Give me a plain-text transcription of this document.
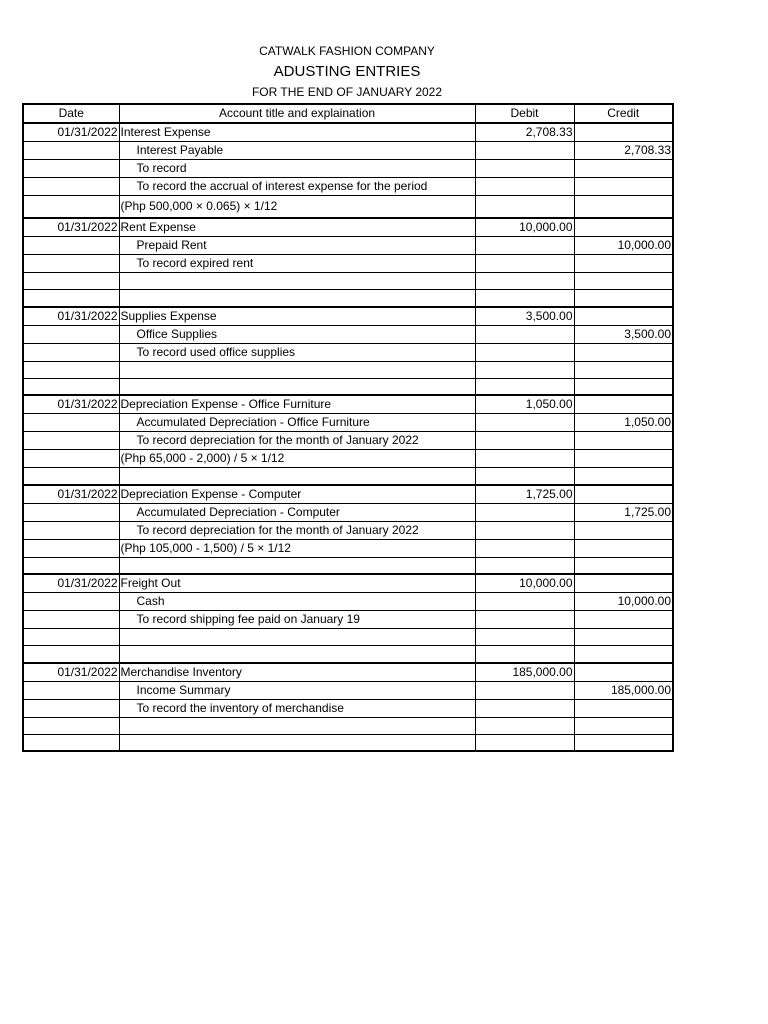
CATWALK FASHION COMPANY
ADUSTING ENTRIES
FOR THE END OF JANUARY 2022
Date	Account title and explaination	Debit	Credit
01/31/2022	Interest Expense	2,708.33	
	Interest Payable		2,708.33
	To record		
	To record the accrual of interest expense for the period		
	(Php 500,000 × 0.065) × 1/12		
01/31/2022	Rent Expense	10,000.00	
	Prepaid Rent		10,000.00
	To record expired rent		

01/31/2022	Supplies Expense	3,500.00	
	Office Supplies		3,500.00
	To record used office supplies		

01/31/2022	Depreciation Expense - Office Furniture	1,050.00	
	Accumulated Depreciation - Office Furniture		1,050.00
	To record depreciation for the month of January 2022		
	(Php 65,000 - 2,000) / 5 × 1/12		

01/31/2022	Depreciation Expense - Computer	1,725.00	
	Accumulated Depreciation - Computer		1,725.00
	To record depreciation for the month of January 2022		
	(Php 105,000 - 1,500) / 5 × 1/12		

01/31/2022	Freight Out	10,000.00	
	Cash		10,000.00
	To record shipping fee paid on January 19		

01/31/2022	Merchandise Inventory	185,000.00	
	Income Summary		185,000.00
	To record the inventory of merchandise		
